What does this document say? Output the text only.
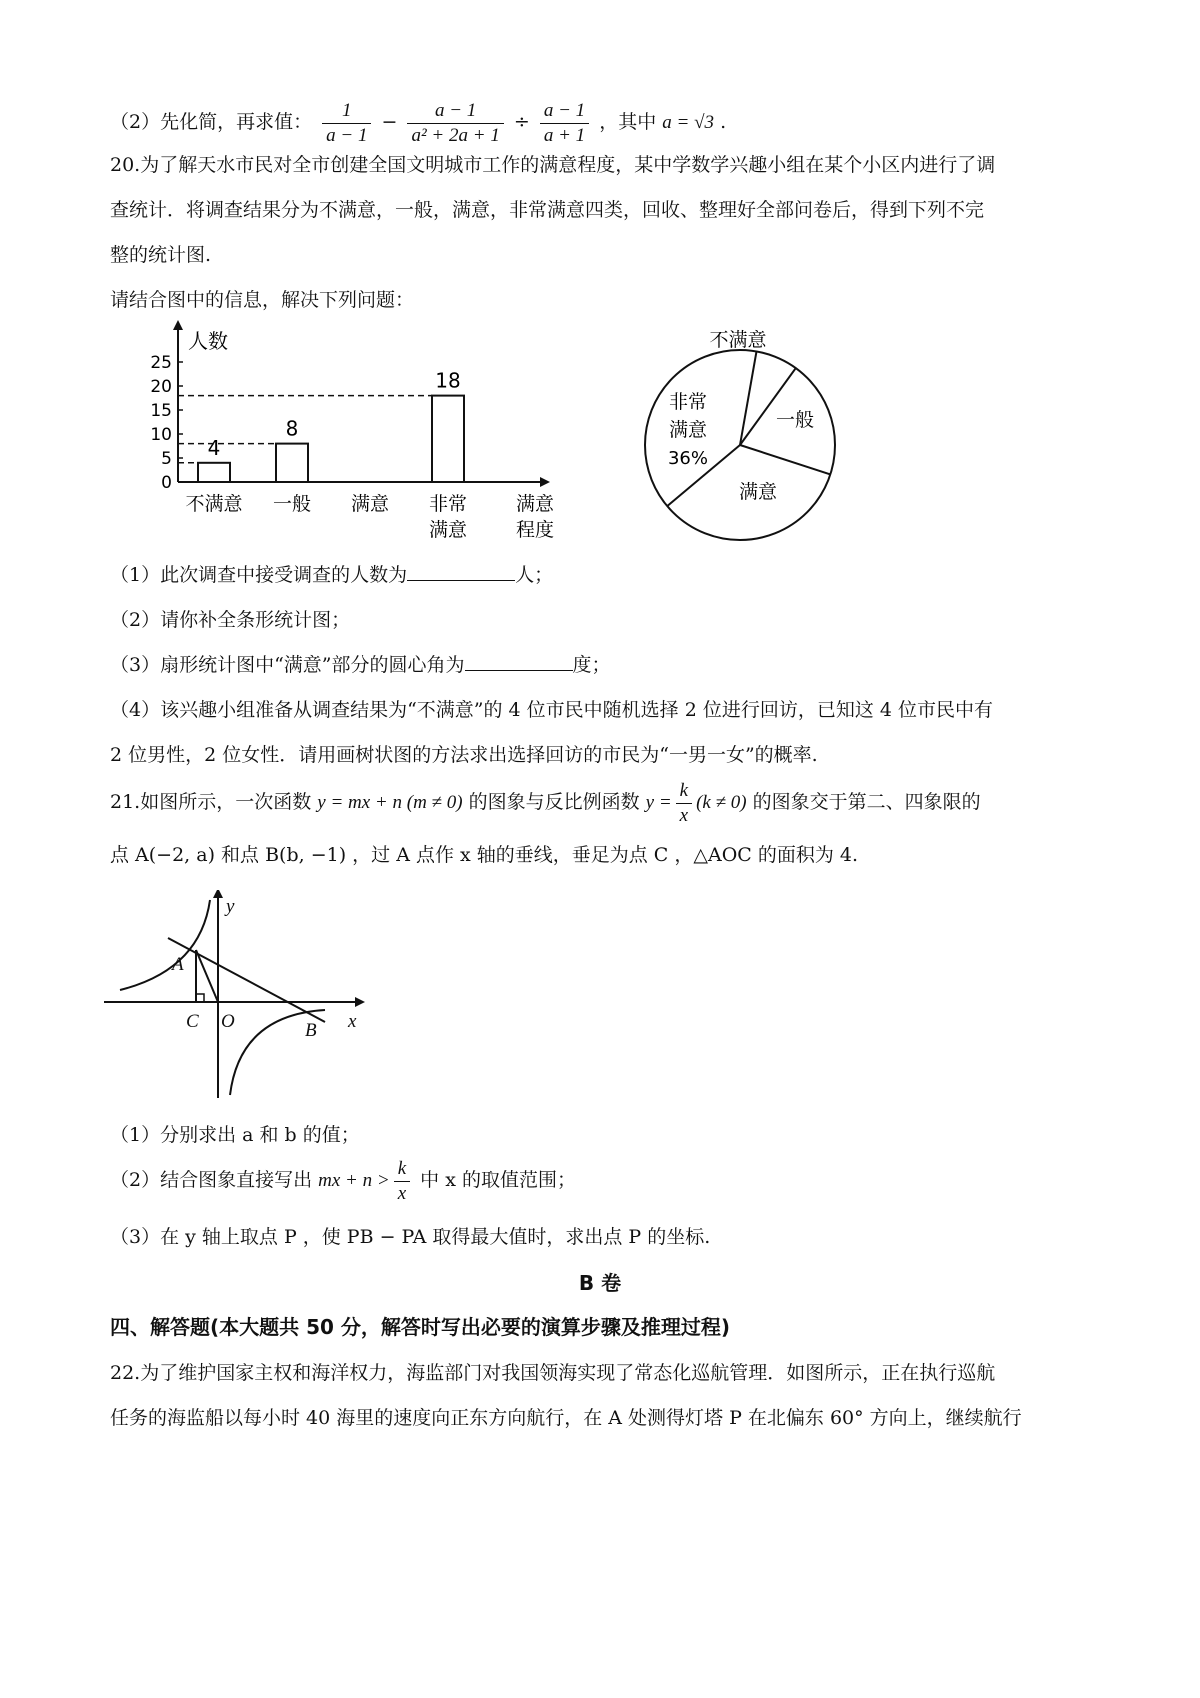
（2）先化简，再求值： $\frac{1}{a - 1} - \frac{a - 1}{\text{a² + 2a + 1}} \div \frac{a - 1}{a + 1}$ ，其中 a = √3 .
20.为了解天水市民对全市创建全国文明城市工作的满意程度，某中学数学兴趣小组在某个小区内进行了调
查统计．将调查结果分为不满意，一般，满意，非常满意四类，回收、整理好全部问卷后，得到下列不完
整的统计图.
请结合图中的信息，解决下列问题：
0
5
10
15
20
25
人数
满意
程度
不满意
4
一般
8
满意 非常
满意
18
不满意
一般
满意
非常
满意
36%
（1）此次调查中接受调查的人数为	人；
（2）请你补全条形统计图；
（3）扇形统计图中“满意”部分的圆心角为	度；
（4）该兴趣小组准备从调查结果为“不满意”的 4 位市民中随机选择 2 位进行回访，已知这 4 位市民中有
2 位男性，2 位女性．请用画树状图的方法求出选择回访的市民为“一男一女”的概率.
21.如图所示，一次函数 y = mx + n (m ≠ 0) 的图象与反比例函数 $y = \frac{k}{x} (k \ne 0)$ 的图象交于第二、四象限的
点 A(−2, a) 和点 B(b, −1) ，过 A 点作 x 轴的垂线，垂足为点 C ，△AOC 的面积为 4.
y
x
A
B
C O
（1）分别求出 a 和 b 的值；
（2）结合图象直接写出 mx + $n > \frac{k}{x}$ 中 x 的取值范围；
（3）在 y 轴上取点 P ，使 PB − PA 取得最大值时，求出点 P 的坐标.
B 卷
四、解答题(本大题共 50 分，解答时写出必要的演算步骤及推理过程)
22.为了维护国家主权和海洋权力，海监部门对我国领海实现了常态化巡航管理．如图所示，正在执行巡航
任务的海监船以每小时 40 海里的速度向正东方向航行，在 A 处测得灯塔 P 在北偏东 60° 方向上，继续航行
